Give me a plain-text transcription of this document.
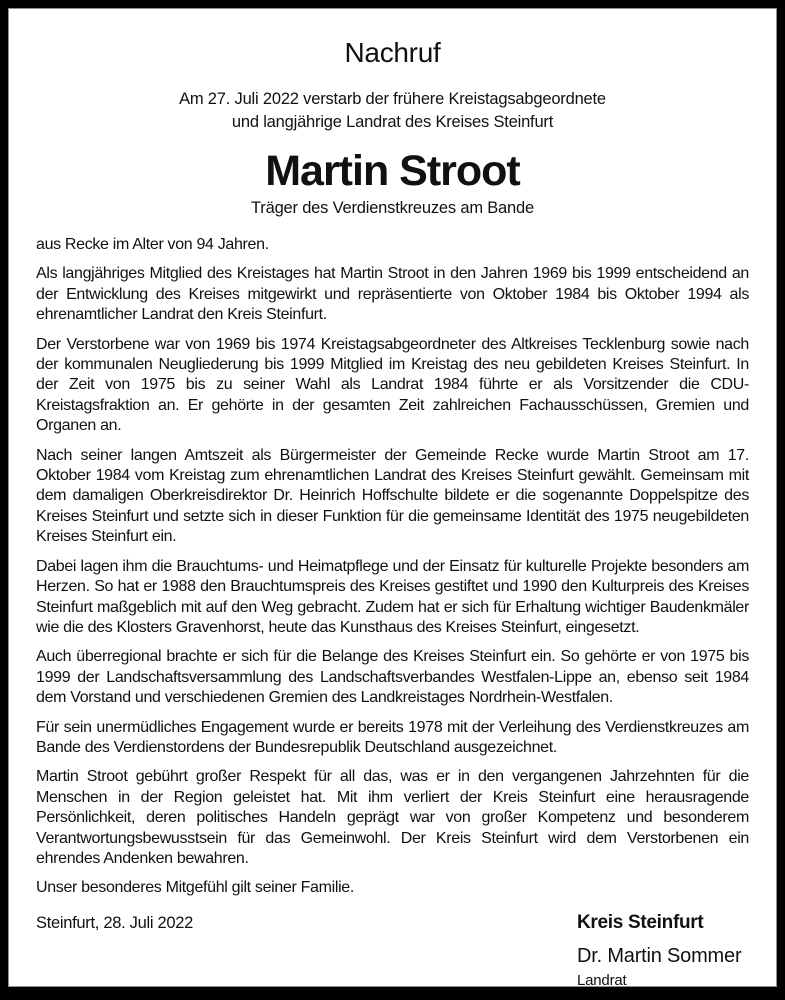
Nachruf
Am 27. Juli 2022 verstarb der frühere Kreistagsabgeordnete
und langjährige Landrat des Kreises Steinfurt
Martin Stroot
Träger des Verdienstkreuzes am Bande

aus Recke im Alter von 94 Jahren.

Als langjähriges Mitglied des Kreistages hat Martin Stroot in den Jahren 1969 bis 1999 entscheidend an der Entwicklung des Kreises mitgewirkt und repräsentierte von Oktober 1984 bis Oktober 1994 als ehrenamtlicher Landrat den Kreis Steinfurt.

Der Verstorbene war von 1969 bis 1974 Kreistagsabgeordneter des Altkreises Tecklenburg sowie nach der kommunalen Neugliederung bis 1999 Mitglied im Kreistag des neu gebildeten Kreises Steinfurt. In der Zeit von 1975 bis zu seiner Wahl als Landrat 1984 führte er als Vorsitzender die CDU-Kreistagsfraktion an. Er gehörte in der gesamten Zeit zahlreichen Fachausschüssen, Gremien und Organen an.

Nach seiner langen Amtszeit als Bürgermeister der Gemeinde Recke wurde Martin Stroot am 17. Oktober 1984 vom Kreistag zum ehrenamtlichen Landrat des Kreises Steinfurt gewählt. Gemeinsam mit dem damaligen Oberkreisdirektor Dr. Heinrich Hoffschulte bildete er die sogenannte Doppelspitze des Kreises Steinfurt und setzte sich in dieser Funktion für die gemeinsame Identität des 1975 neugebildeten Kreises Steinfurt ein.

Dabei lagen ihm die Brauchtums- und Heimatpflege und der Einsatz für kulturelle Projekte besonders am Herzen. So hat er 1988 den Brauchtumspreis des Kreises gestiftet und 1990 den Kulturpreis des Kreises Steinfurt maßgeblich mit auf den Weg gebracht. Zudem hat er sich für Erhaltung wichtiger Baudenkmäler wie die des Klosters Gravenhorst, heute das Kunsthaus des Kreises Steinfurt, eingesetzt.

Auch überregional brachte er sich für die Belange des Kreises Steinfurt ein. So gehörte er von 1975 bis 1999 der Landschaftsversammlung des Landschaftsverbandes Westfalen-Lippe an, ebenso seit 1984 dem Vorstand und verschiedenen Gremien des Landkreistages Nordrhein-Westfalen.

Für sein unermüdliches Engagement wurde er bereits 1978 mit der Verleihung des Verdienstkreuzes am Bande des Verdienstordens der Bundesrepublik Deutschland ausgezeichnet.

Martin Stroot gebührt großer Respekt für all das, was er in den vergangenen Jahrzehnten für die Menschen in der Region geleistet hat. Mit ihm verliert der Kreis Steinfurt eine herausragende Persönlichkeit, deren politisches Handeln geprägt war von großer Kompetenz und besonderem Verantwortungsbewusstsein für das Gemeinwohl. Der Kreis Steinfurt wird dem Verstorbenen ein ehrendes Andenken bewahren.

Unser besonderes Mitgefühl gilt seiner Familie.

Steinfurt, 28. Juli 2022	Kreis Steinfurt
Dr. Martin Sommer
Landrat
